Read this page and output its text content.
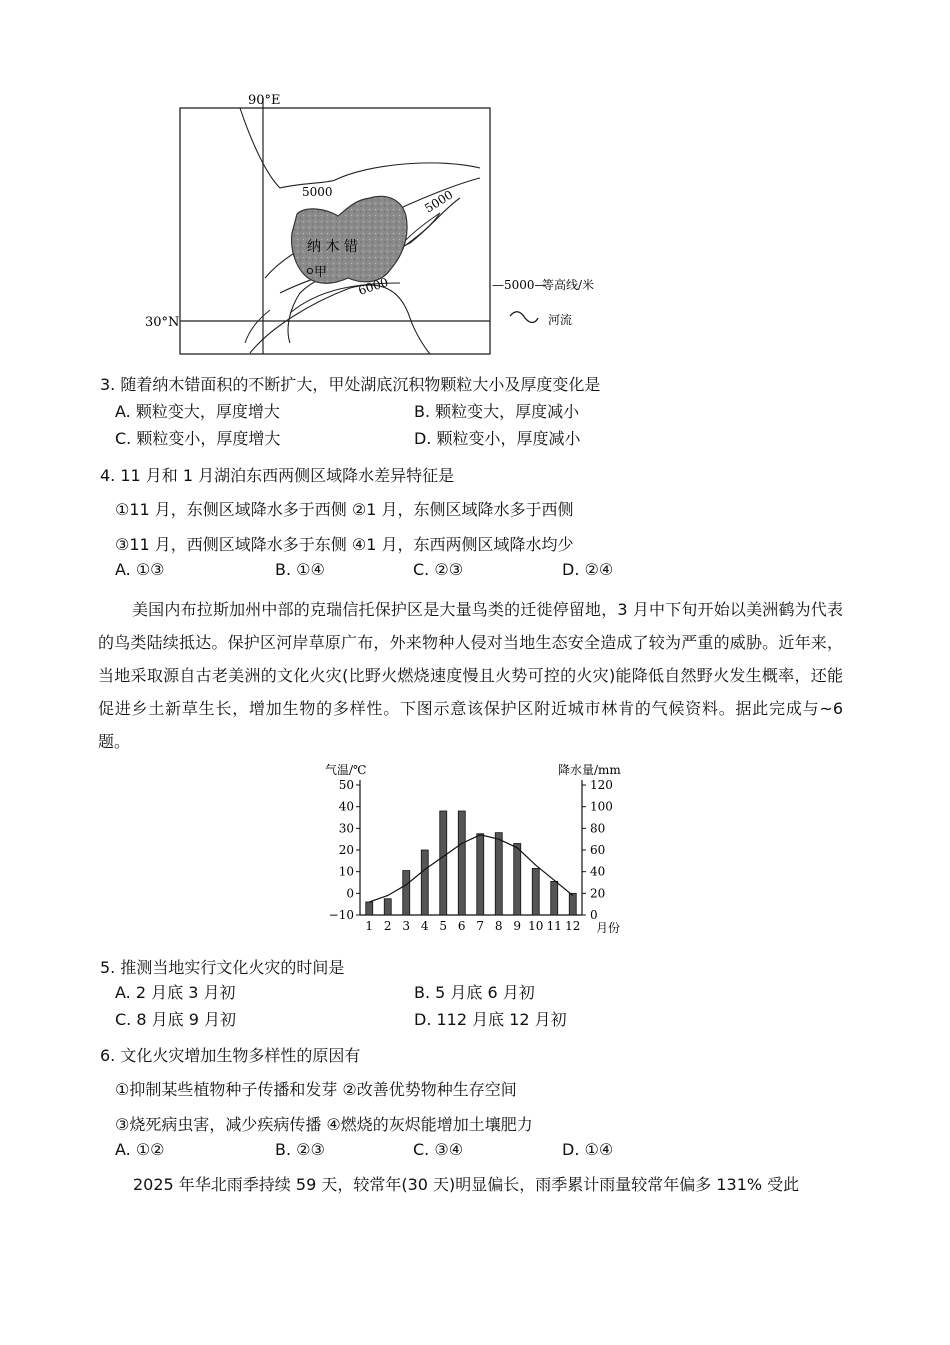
90°E
30°N
5000	5000
6000
纳 木 错
甲
—5000—
等高线/米
河流
3. 随着纳木错面积的不断扩大，甲处湖底沉积物颗粒大小及厚度变化是
A. 颗粒变大，厚度增大	B. 颗粒变大，厚度减小
C. 颗粒变小，厚度增大	D. 颗粒变小，厚度减小
4. 11 月和 1 月湖泊东西两侧区域降水差异特征是
①11 月，东侧区域降水多于西侧 ②1 月，东侧区域降水多于西侧
③11 月，西侧区域降水多于东侧 ④1 月，东西两侧区域降水均少
A. ①③	B. ①④	C. ②③	D. ②④
美国内布拉斯加州中部的克瑞信托保护区是大量鸟类的迁徙停留地，3 月中下旬开始以美洲鹤为代表的鸟类陆续抵达。保护区河岸草原广布，外来物种人侵对当地生态安全造成了较为严重的威胁。近年来，当地采取源自古老美洲的文化火灾(比野火燃烧速度慢且火势可控的火灾)能降低自然野火发生概率，还能促进乡土新草生长，增加生物的多样性。下图示意该保护区附近城市林肯的气候资料。据此完成与~6 题。
气温/℃	降水量/mm
月份
50
40
30
20
10
0
−10
120
100
80
60
40
20
0
1 2 3 4 5 6 7 8 9 10 11 12
5. 推测当地实行文化火灾的时间是
A. 2 月底 3 月初	B. 5 月底 6 月初
C. 8 月底 9 月初	D. 112 月底 12 月初
6. 文化火灾增加生物多样性的原因有
①抑制某些植物种子传播和发芽 ②改善优势物种生存空间
③烧死病虫害，减少疾病传播 ④燃烧的灰烬能增加土壤肥力
A. ①②	B. ②③	C. ③④	D. ①④
2025 年华北雨季持续 59 天，较常年(30 天)明显偏长，雨季累计雨量较常年偏多 131% 受此
